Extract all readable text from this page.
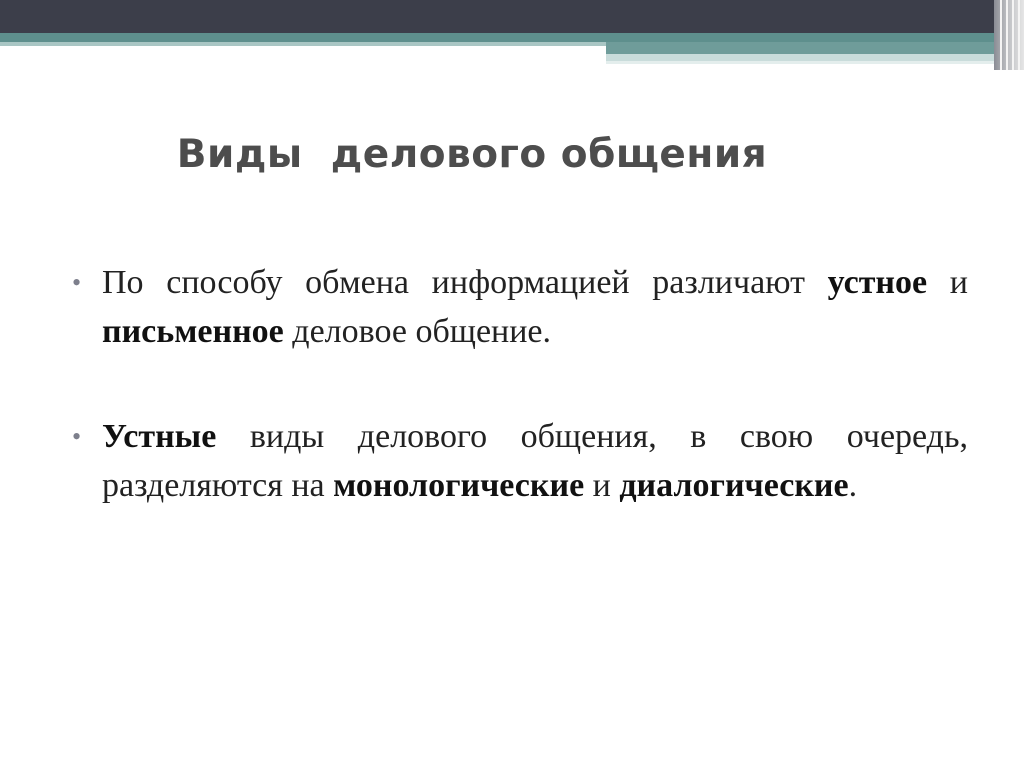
Виды  делового общения
• По способу обмена информацией различают устное и письменное деловое общение.
• Устные виды делового общения, в свою очередь, разделяются на монологические и диалогические.
